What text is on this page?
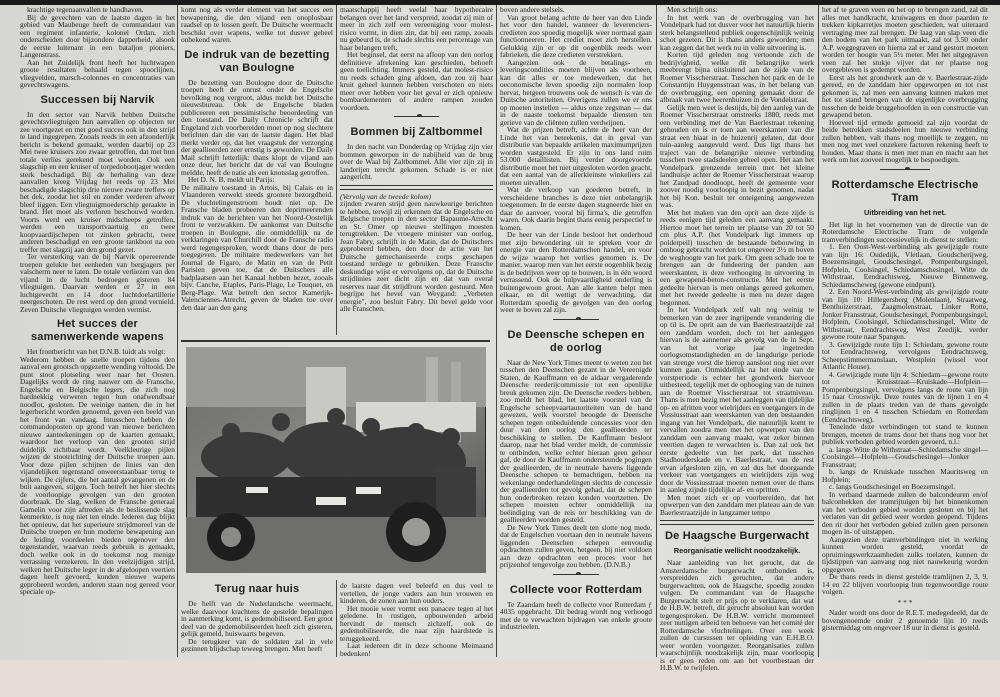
krachtige tegenaanvallen te handhaven.

Bij de gevechten van de laatste dagen in het gebied van Maubeuge heeft de commandant van een regiment infanterie, kolonel Ordan, zich onderscheiden door bijzondere dapperheid, alsook de eerste luitenant in een bataljon pioniers, Langenstrass.

Aan het Zuidelijk front heeft het luchtwapen groote resultaten behaald tegen spoorlijnen, vliegvelden, marsch-colonnes en concentraties van gevechtswagens.

Successen bij Narvik

In den sector van Narvik hebben Duitsche gevechtsvliegtuigen hun aanvallen op objecten ter zee voortgezet en met goed succes ook in den strijd te land ingegrepen. Zooals reeds in een afzonderlijk bericht is bekend gemaakt, werden daarbij op 23 Mei twee kruisers zoo zwaar getroffen, dat met hun totale verlies gerekend moet worden. Ook een slagschip en een kruiser of torpedobootjager werden sterk beschadigd. Bij de herhaling van deze aanvallen kreeg Vrijdag het reeds op 23 Mei beschadigde slagschip drie nieuwe zware treffers op het dek, zoodat het stil en zonder verderen afweer bleef liggen. Een vliegtuigmoederschip geraakte in brand. Het moet als verloren beschouwd worden. Voorts werd een kruiser midscheeps getroffen, werden een transportvaartuig en twee koopvaardijschepen tot zinken gebracht, twee anderen beschadigd en een groote tankboot na een treffer met slagzij aan den grond gezet.

Ter versterking van de bij Narvik opereerende troepen gelukte het eenheden van bergjagers per valscherm neer te laten. De totale verliezen van den vijand in de lucht bedroegen gisteren 84 vliegtuigen. Daarvan werden er 27 in een luchtgevecht en 14 door luchtdoelartillerie neergeschoten. De rest werd op den grond vernield. Zeven Duitsche vliegtuigen werden vermist.

Het succes der samenwerkende wapens

Het frontbericht van het D.N.B. luidt als volgt:

Wederom hebben de snelle troepen tijdens den aanval een grootsch opgezette wending voltooid. De punt stoot plotseling weer naar het Oosten. Dagelijks wordt de ring nauwer om de Fransche, Engelsche en Belgische legers, die zich nog hardnekkig verweren tegen hun onafwendbaar noodlot, gesloten. De weinige namen, die in het legerbericht worden genoemd, geven een beeld van het front van vandaag. Intusschen hebben de commandoposten op grond van nieuwe berichten nieuwe aanteekeningen op de kaarten gemaakt, waardoor het verloop van den grooten strijd duidelijk zichtbaar wordt. Veelkleurige pijlen wijzen de stootrichting der Duitsche troepen aan. Voor deze pijlen schijnen de linies van den vijandelijken tegenstand onweerstaanbaar terug te wijken. De cijfers, die het aantal gevangenen en de buit aangeven, stijgen. Toch betreft het hier slechts de voorloopige gevolgen van den grooten doorbraak. De slag, welken de Fransche generaal Gamelin voor zijn aftreden als de beslissende slag kenmerkte, is nog niet ten einde. Iederen dag blijkt het opnieuw, dat het superieure strijdmoreel van de Duitsche troepen en hun moderne bewapening aan de leiding voordeelen bieden tegenover den tegenstander, waarvan reeds gebruik is gemaakt, doch welke ook in de toekomst nog menige verrassing verzekeren. In den veelzijdigen strijd, welken het Duitsche leger in de afgeloopen veertien dagen heeft gevoerd, konden nieuwe wapens geprobeerd worden, anderen staan nog gereed voor speciale op-

komt nog als verder element van het succes een bewapening, die den vijand een onoplosbaar raadsel op te lossen geeft. De Duitsche weermacht beschikt over wapens, welke tot dusver geheel onbekend waren.

De indruk van de bezetting van Boulogne

De bezetting van Boulogne door de Duitsche troepen heeft de onrust onder de Engelsche bevolking nog vergroot, aldus meldt het Duitsche nieuwsbureau. Ook de Engelsche bladen publiceeren een pessimistische beoordeeling van den toestand. De Daily Chronicle schrijft dat Engeland zich voorbereiden moet op nog slechtere berichten dan die van de laatste dagen. Het blad merkt verder op, dat het vraagstuk der verzorging der geallieerden zeer ernstig is geworden. De Daily Mail schrijft letterlijk: thans klopt de vijand aan onze deur, het bericht dat de val van Boulogne meldde, heeft de natie als een knotsslag getroffen.

Het D. N. B. meldt uit Parijs:

De militaire toestand in Artois, bij Calais en in Vlaanderen verwekt steeds grootere bezorgdheid. De vluchtelingenstroom houdt niet op. De Fransche bladen probeeren den deprimeerenden indruk van de berichten van het Noord-Oostelijk front te verzwakken. De aankomst van Duitsche troepen in Boulogne, die onmiddellijk na de verklaringen van Churchill door de Fransche radio werd tegengesproken, wordt thans door de pers toegegeven. De militaire medewerkers van het Journal de Figaro, de Matin en van de Petit Parisien geven toe, dat de Duitschers alle badplaatsen aan het Kanaal hebben bezet, zooals bijv. Canche, Etaples, Paris-Plage, Le Touquet, en Berg-Plage. Wat betreft den sector Kamerijk-Valenciennes-Atrecht, geven de bladen toe over den daar aan den gang

maatschappij heeft veelal haar hypothecaire belangen over het land verspreid, zoodat zij min of meer in zich zelf een vereeniging voor molest-risico vormt, in dien zin, dat bij een ramp, zooals nu gebeurd is, de schade slechts een percentage van haar belangen treft.

Het beginsel, dat eerst na afloop van den oorlog definitieve afrekening kan geschieden, behoeft geen toelichting. Immers gesteld, dat molest-risico nu reeds schaden ging afdoen, dan zou zij haar kruit geheel kunnen hebben verschoten en niets meer over hebben voor het geval er zich opnieuw bombardementen of andere rampen zouden voordoen.

Bommen bij Zaltbommel

In den nacht van Donderdag op Vrijdag zijn vier bommen geworpen in de nabijheid van de brug over de Waal bij Zaltbommel. Alle vier zijn zij in landerijen terecht gekomen. Schade is er niet aangericht.

(Vervolg van de tweede kolom)

zijnden zwaren strijd geen nauwkeurige berichten te hebben, terwijl zij erkennen dat de Engelsche en Belgische troepen in den sector Bapaume-Atrecht en St. Omer op nieuwe stellingen moesten terugtrekken. De vroegere minister van oorlog, Jean Fabry, schrijft in de Matin, dat de Duitschers geprobeerd hebben, den door de actie van het Duitsche gemechaniseerde corps geschapen toestand terdege te gebruiken. Deze Fransche deskundige wijst er vervolgens op, dat de Duitsche strijdlinies zeer dicht zijn en dat van overal reserves naar dit strijdfront worden gestuurd. Men begrijpe het bevel van Weygand: „Verbeten energie", zoo besluit Fabry. Dit bevel gelde voor alle Franschen.

Terug naar huis

De helft van de Nederlandsche weermacht, welke daarvoor krachtens de gestelde bepalingen in aanmerking komt, is gedemobiliseerd. Een groot deel van de gedemobiliseerden heeft zich gisteren, gelijk gemeld, huiswaarts begeven.

De terugkeer van de soldaten zal in vele gezinnen blijdschap teweeg brengen. Men heeft

de laatste dagen veel beleefd en dus veel te vertellen, de jonge vaders aan hun vrouwen en kinderen, de zonen aan hun ouders.

Het mooie weer vormt een panacee tegen al het geledene. In rustigen, opbouwenden arbeid hervindt de mensch zichzelf, ook de gedemobiliseerde, die naar zijn haardstede is teruggekeerd.

Laat iedereen dit in deze schoone Meimaand bedenken!

boven andere stelsels.

Van groot belang achtte de heer van den Linde het voor den handel, wanneer de leverenciers-credieten zoo spoedig mogelijk weer normaal gaan functionneeren. Het crediet moet zich herstellen. Gelukkig zijn er op dit oogenblik reeds weer fabrieken, die deze credieten verstrekken.

Aangezien ook de betalings- en leveringscondities moeten blijven als voorheen, kan dit alles er toe medewerken, dat het oeconomische leven spoedig zijn normalen loop hervat, hetgeen trouwens ook de wensch is van de Duitsche autoriteiten. Overigens zullen we er ons op moeten instellen — aldus onze zegsman — dat in de naaste toekomst bepaalde diensten ten gerieve van de cliënten zullen verdwijnen.

Wat de prijzen betreft, achtte de heer van der Linde het van beteekenis, dat in geval van distributie van bepaalde artikelen maximumprijzen worden vastgesteld. Er zijn in ons land ruim 53.000 detaillisten. Bij verder doorgevoerde distributie moet het niet uitgesloten worden geacht, dat een aantal van de allerkleinste winkeliers zal moeten uitvallen.

Wat de verkoop van goederen betreft, in verscheidene branches is deze niet onbelangrijk toegenomen. In de eerste dagen stagneerde hier en daar de aanvoer, vooral bij firma's, die getroffen waren. Ook daarin begint thans eenig perspectief te komen.

De heer van der Linde besloot het onderhoud met zijn bewondering uit te spreken voor de energie van den Rotterdamschen handel, en voor de wijze waarop het verlies genomen is. De manier, waarop men van het eerste oogenblik bezig is de bedrijven weer op te bouwen, is in één woord verrassend. Ook de hulpvaardigheid onderling is buitengewoon groot. Aan alle kanten helpt men elkaar, en dit wettigt de verwachting, dat Rotterdam spoedig de gevolgen van den oorlog weer te boven zal zijn.

De Deensche schepen en de oorlog

Naar de New York Times meent te weten zou het tusschen den Deenschen gezant in de Vereenigde Staten, de Kauffmann en de aldaar vergaderende Deensche reederijcommissie tot een openlijke breuk gekomen zijn. De Deensche reeders hebben, zoo meldt het blad, het laatste voorstel van de Engelsche scheepvaartautoriteiten van de hand gewezen, welk voorstel beoogde de Deensche schepen tegen onbeduidende concessies voor den duur van den oorlog den geallieerden ter beschikking te stellen. De Kauffmann besloot daarop, naar het blad verder meldt, de commissie te ontbinden, welke echter hieraan geen gehoor gaf, de door de Kauffmann ondersteunde pogingen der geallieerden, de in neutrale havens liggende Deensche schepen te bemachtigen, hebben na wekenlange onderhandelingen slechts de concessie der geallieerden tot gevolg gehad, dat de schepen hun onderbroken reizen konden voortzetten. De schepen moesten echter onmiddellijk na beëindiging van de reis ter beschikking van de geallieerden worden gesteld.

De New York Times deelt ten slotte nog mede, dat de Engelschen voortaan den in neutrale havens liggenden Deenschen schepen eenvoudig opdrachten zullen geven, hetgeen, bij niet voldoen aan deze opdrachten een proces voor het prijzenhof tengevolge zou hebben. (D.N.B.)

Collecte voor Rotterdam

Te Zaandam heeft de collecte voor Rotterdam ƒ 4035 opgebracht. Dit bedrag wordt nog verhoogd met de te verwachten bijdragen van enkele groote industrieelen.

Men schrijft ons:

In het werk van de overbrugging van het Vondelpark had tot dusver voor het natuurlijk hierin sterk belangstellend publiek oogenschijnlijk weinig schot gezeten. Dit is thans anders geworden; men kan zeggen dat het werk nu in volle uitvoering is.

Korten tijd geleden nog vertoonde zich de bedrijvigheid, welke dit belangrijke werk meebrengt bijna uitsluitend aan de zijde van de Roemer Visscherstraat. Tusschen het park en de 1e Constantijn Huygensstraat was, in het belang van de overbrugging, een opening gemaakt door de afbraak van twee heerenhuizen in de Vondelstraat.

Gelijk men weet is destijds, bij den aanleg van de Roemer Visscherstraat omstreeks 1880, reeds met een verbinding met de Van Baerlestraat rekening gehouden en is er toen aan weerskanten van die straat een hiaat in de huizenrij gelaten, dat door tuin-aanleg aangevuld werd. Dus ligt thans het traject van de belangrijke nieuwe verbinding tusschen twee stadsdeelen geheel open. Het aan het Vondelpark grenzende terrein met het kleine landhuisje achter de Roemer Visscherstraat waarop het Zandpad doodloopt, heeft de gemeente voor zoover noodig voorloopig in bezit genomen, nadat het bij Kon. besluit ter onteigening aangewezen was.

Met het maken van den oprit aan deze zijde is reeds eenigen tijd geleden een aanvang gemaakt. Hiertoe moet het terrein ter plaatse van 20 tot 50 cm plus A.P. (het Vondelpark ligt immers op polderpeil) tusschen de bestaande bebouwing in omhoog gebracht worden tot ongeveer 3½ m boven de weghoogte van het park. Om geen schade toe te brengen aan de fundeering der panden aan weerskanten, is deze verhooging in uitvoering in een gewapend-beton-constructie. Met het eerste gedeelte hiervan is men onlangs gereed gekomen, met het tweede gedeelte is men nu dezer dagen begonnen.

In het Vondelpark zelf valt nog weinig te bemerken van de zeer ingrijpende verandering die op til is. De oprit aan de van Baerlestraatzijde zal een zanddam worden, doch tot het aanleggen hiervan is de aannemer als gevolg van de in Sept. van het vorige jaar ingetreden oorlogsomstandigheden en de langdurige periode van strenge vorst die hierop aansloot nog niet over kunnen gaan. Onmiddellijk na het einde van de vorstperiode is echter het grondwerk hiervoor uitbesteed, tegelijk met de ophooging van de tuinen aan de Roemer Visscherstraat tot straatniveau. Thans is men bezig met het aanleggen van tijdelijke op- en afritten voor wielrijders en voetgangers in de Vossiusstraat aan weerskanten van den bestaanden ingang van het Vondelpark, die natuurlijk komt te vervallen zoodra men met het opwerpen van den zanddam een aanvang maakt, wat zeker binnen veertien dagen te verwachten is. Dan zal ook het eerste gedeelte van het park, dat tusschen Stadhouderskade en v. Baerlestraat, van de rest ervan afgesloten zijn, en zal dus het doorgaande verkeer van voetgangers en wielrijders zijn weg door de Vossiusstraat moeten nemen over de thans in aanleg zijnde tijdelijke af- en opritten.

Men moet zich er op voorbereiden, dat het opwerpen van den zanddam met plateau aan de van Baerlestraatzijde in langzamer tempo

De Haagsche Burgerwacht
Reorganisatie wellicht noodzakelijk.

Naar aanleiding van het gerucht, dat de Amsterdamsche burgerwacht ontbonden is, verspreidden zich geruchten, dat andere burgerwachten, ook de Haagsche, spoedig zouden volgen. De commandant van de Haagsche Burgerwacht stelt er prijs op te verklaren, dat wat de H.B.W. betreft, dit gerucht absoluut kan worden tegengesproken. De H.B.W. verricht momenteel zeer nuttigen arbeid ten behoeve van het comité der Rotterdamsche vluchtelingen. Over een week zullen de cursussen ter opleiding van E.H.B.O. weer worden voortgezet. Reorganisaties zullen waarschijnlijk noodzakelijk zijn, maar voorloopig is er geen reden om aan het voortbestaan der H.B.W. te twijfelen.

het af te graven veen en het op te brengen zand, zal dit alles met handkracht, kruiwagens en door paarden te trekken kipkarretjes moeten geschieden, wat uiteraard vertraging mee zal brengen. De laag van slap veen die den bodem van het park uitmaakt, zal tot 3.50 onder A.P. weggegraven en hierna zal er zand gestort moeten worden ter hoogte van 5½ meter. Met het uitgegraven veen zal het stukje vijver dat ter plaatse nog overgebleven is gedempt worden.

Eerst als het grondwerk aan de v. Baerlestraat-zijde gereed, en de zanddam hier opgeworpen en tot rust gekomen is, zal men een aanvang kunnen maken met het tot stand brengen van de eigenlijke overbrugging tusschen de beide bruggehoofden in een constructie van gewapend beton.

Hoeveel tijd ermede gemoeid zal zijn voordat de beide betrokken stadsdeelen hun nieuwe verbinding zullen hebben, valt thans nog moeilijk te zeggen, nu men nog met veel onzekere factoren rekening heeft te houden. Maar thans is men met man en macht aan het werk om het zooveel mogelijk te bespoedigen.

Rotterdamsche Electrische Tram
Uitbreiding van het net.

Het ligt in het voornemen van de directie van de Roterdamsche Electrische Tram de volgende tramverbindingen successievelijk in dienst te stellen:

1. Een Oost-West-verbinding als gewijzigde route van lijn 16: Oudedijk, Vletlaan, Goudscherijweg, Boezemsingel, Goudschesingel, Pompenburgsingel, Hofplein, Coolsingel, Schiedamschesingel, Witte de Withstraat, Eendrachtsweg, Nieuwe Binnenweg, Schiedamscheweg (gewone eindpunt).

2. Een Noord-West-verbinding als gewijzigde route van lijn 10: Hillegersberg (Molenlaan), Straatweg, Benthuizerstraat, Zaagmolenstraat, Linker Rotte, Jonker Fransstraat, Goudschesingel, Pompenburgsingel, Hofplein, Coolsingel, Schiedamschesingel, Witte de Withstraat, Eendrachtsweg, West Zeedijk, verder gewone route naar Spangen.

3. Gewijzigde route lijn 1: Schiedam, gewone route tot Eendrachtsweg, vervolgens Eendrachtsweg, Scheepstimmermanslaan, Westplein (wissel voor Atlantic House).

4. Gewijzigde route lijn 4: Schiedam—gewone route tot Kruisstraat—Kruiskade—Hofplein—Pompenburgsingel, vervolgens langs de route van lijn 15 naar Crooswijk. Deze routes van de lijnen 1 en 4 zullen in de plaats treden van de thans gevolgde ringlijnen 1 en 4 tusschen Schiedam en Rotterdam (Eendrachtsweg).

Teneinde deze verbindingen tot stand te kunnen brengen, moeten de trams door het thans nog voor het publiek verboden gebied worden gevoerd, n.l.:

a. langs Witte de Withstraat—Schiedamsche singel—Coolsingel—Hofplein—Goudschesingel—Jonker Fransstraat;

b. langs de Kruiskade tusschen Mauritsweg en Hofplein;

c. langs Goudschesingel en Boezemsingel.

In verband daarmede zullen de balcondeuren en/of balconhekken der tramrijtuigen bij het binnenkomen van het verboden gebied worden gesloten en bij het verlaten van dit gebied weer worden geopend. Tijdens den rit door het verboden gebied zullen geen personen mogen in- of uitstappen.

Aangezien deze tramverbindingen niet in werking kunnen worden gesteld, voordat de opruimingswerkzaamheden zulks toelaten, kunnen de tijdstippen van aanvang nog niet nauwkeurig worden opgegeven.

De thans reeds in dienst gestelde tramlijnen 2, 3, 9, 14 en 22 blijven voorloopig hun tegenwoordige route volgen.

* * *

Nader wordt ons door de R.E.T. medegedeeld, dat de bovengenoemde onder 2 genoemde lijn 10 reeds gistermiddag om ongeveer 18 uur in dienst is gesteld.
